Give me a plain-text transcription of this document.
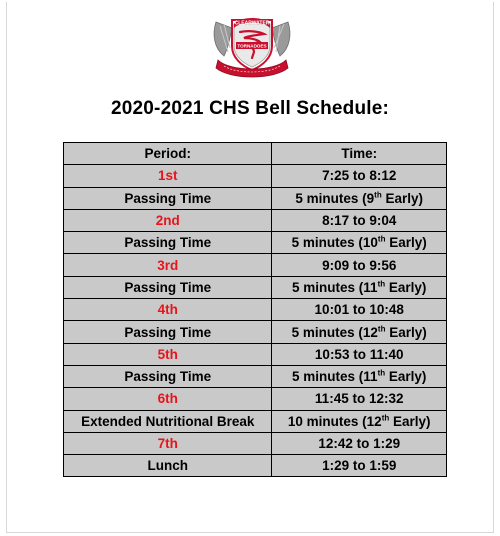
CLEARWATER
TORNADOES
2020-2021 CHS Bell Schedule:
Period:	Time:
1st	7:25 to 8:12
Passing Time	5 minutes (9th Early)
2nd	8:17 to 9:04
Passing Time	5 minutes (10th Early)
3rd	9:09 to 9:56
Passing Time	5 minutes (11th Early)
4th	10:01 to 10:48
Passing Time	5 minutes (12th Early)
5th	10:53 to 11:40
Passing Time	5 minutes (11th Early)
6th	11:45 to 12:32
Extended Nutritional Break	10 minutes (12th Early)
7th	12:42 to 1:29
Lunch	1:29 to 1:59
